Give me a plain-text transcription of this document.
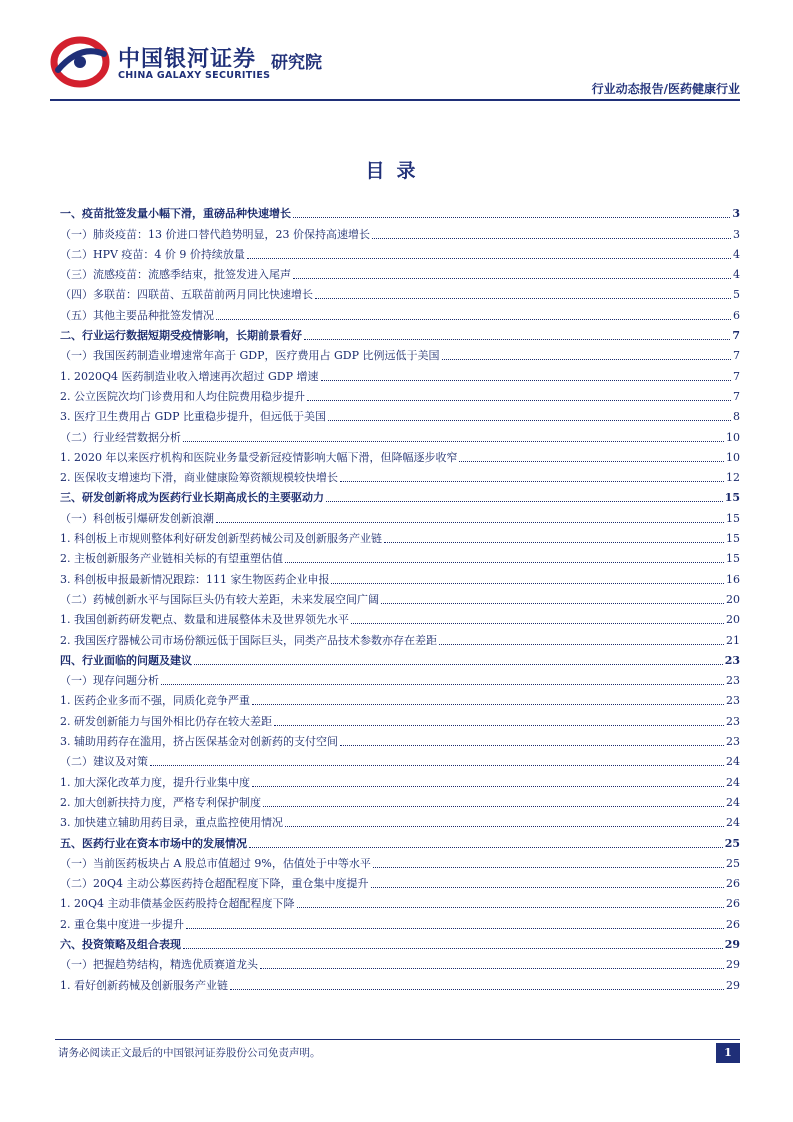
中国银河证券 研究院
CHINA GALAXY SECURITIES
行业动态报告/医药健康行业
目录
一、疫苗批签发量小幅下滑，重磅品种快速增长	3
（一）肺炎疫苗：13 价进口替代趋势明显，23 价保持高速增长	3
（二）HPV 疫苗：4 价 9 价持续放量	4
（三）流感疫苗：流感季结束，批签发进入尾声	4
（四）多联苗：四联苗、五联苗前两月同比快速增长	5
（五）其他主要品种批签发情况	6
二、行业运行数据短期受疫情影响，长期前景看好	7
（一）我国医药制造业增速常年高于 GDP，医疗费用占 GDP 比例远低于美国	7
1. 2020Q4 医药制造业收入增速再次超过 GDP 增速	7
2. 公立医院次均门诊费用和人均住院费用稳步提升	7
3. 医疗卫生费用占 GDP 比重稳步提升，但远低于美国	8
（二）行业经营数据分析	10
1. 2020 年以来医疗机构和医院业务量受新冠疫情影响大幅下滑，但降幅逐步收窄	10
2. 医保收支增速均下滑，商业健康险筹资额规模较快增长	12
三、研发创新将成为医药行业长期高成长的主要驱动力	15
（一）科创板引爆研发创新浪潮	15
1. 科创板上市规则整体利好研发创新型药械公司及创新服务产业链	15
2. 主板创新服务产业链相关标的有望重塑估值	15
3. 科创板申报最新情况跟踪：111 家生物医药企业申报	16
（二）药械创新水平与国际巨头仍有较大差距，未来发展空间广阔	20
1. 我国创新药研发靶点、数量和进展整体未及世界领先水平	20
2. 我国医疗器械公司市场份额远低于国际巨头，同类产品技术参数亦存在差距	21
四、行业面临的问题及建议	23
（一）现存问题分析	23
1. 医药企业多而不强，同质化竞争严重	23
2. 研发创新能力与国外相比仍存在较大差距	23
3. 辅助用药存在滥用，挤占医保基金对创新药的支付空间	23
（二）建议及对策	24
1. 加大深化改革力度，提升行业集中度	24
2. 加大创新扶持力度，严格专利保护制度	24
3. 加快建立辅助用药目录，重点监控使用情况	24
五、医药行业在资本市场中的发展情况	25
（一）当前医药板块占 A 股总市值超过 9%，估值处于中等水平	25
（二）20Q4 主动公募医药持仓超配程度下降，重仓集中度提升	26
1. 20Q4 主动非债基金医药股持仓超配程度下降	26
2. 重仓集中度进一步提升	26
六、投资策略及组合表现	29
（一）把握趋势结构，精选优质赛道龙头	29
1. 看好创新药械及创新服务产业链	29
请务必阅读正文最后的中国银河证券股份公司免责声明。	1
